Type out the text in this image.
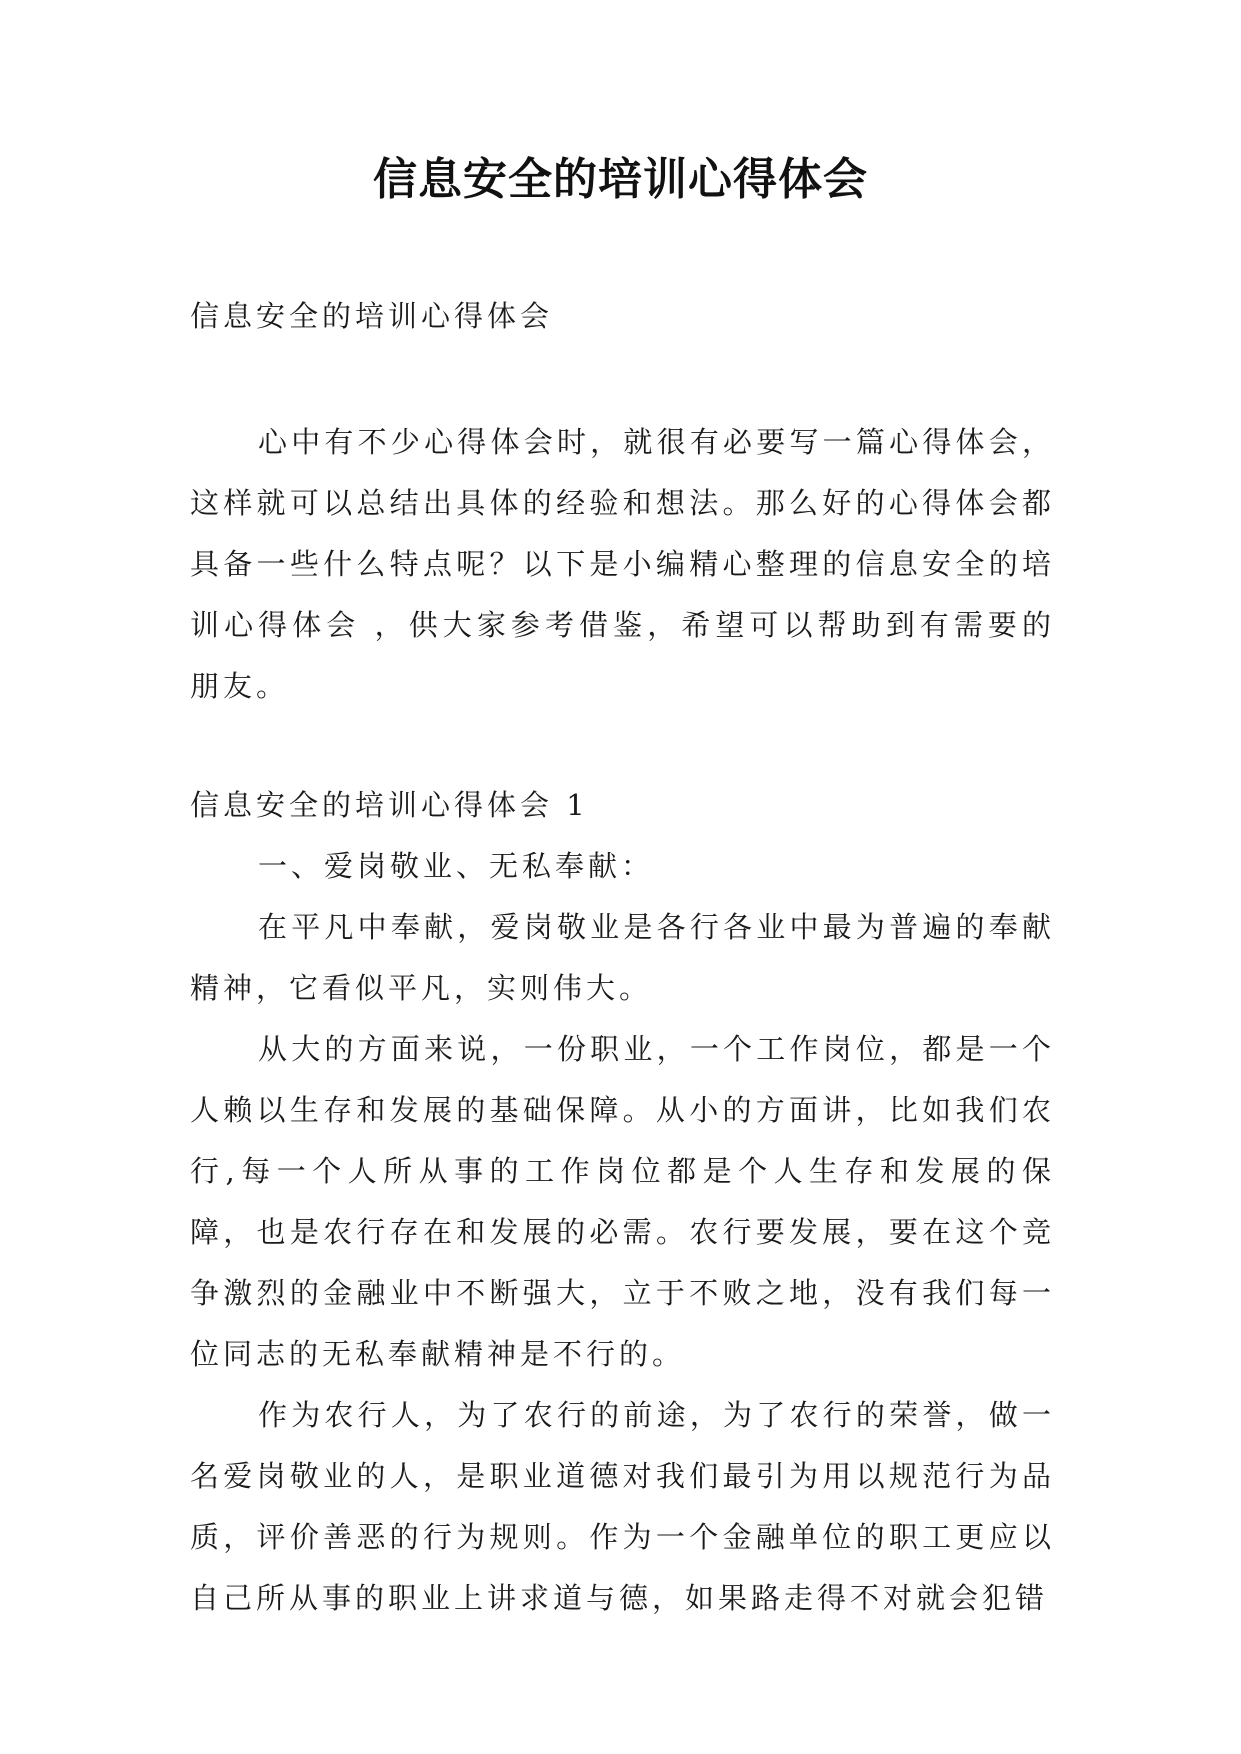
信息安全的培训心得体会

信息安全的培训心得体会

心中有不少心得体会时，就很有必要写一篇心得体会，这样就可以总结出具体的经验和想法。那么好的心得体会都具备一些什么特点呢？以下是小编精心整理的信息安全的培训心得体会 ，供大家参考借鉴，希望可以帮助到有需要的朋友。

信息安全的培训心得体会 1

一、爱岗敬业、无私奉献：

在平凡中奉献，爱岗敬业是各行各业中最为普遍的奉献精神，它看似平凡，实则伟大。

从大的方面来说，一份职业，一个工作岗位，都是一个人赖以生存和发展的基础保障。从小的方面讲，比如我们农行,每一个人所从事的工作岗位都是个人生存和发展的保障，也是农行存在和发展的必需。农行要发展，要在这个竞争激烈的金融业中不断强大，立于不败之地，没有我们每一位同志的无私奉献精神是不行的。

作为农行人，为了农行的前途，为了农行的荣誉，做一名爱岗敬业的人，是职业道德对我们最引为用以规范行为品质，评价善恶的行为规则。作为一个金融单位的职工更应以自己所从事的职业上讲求道与德，如果路走得不对就会犯错
